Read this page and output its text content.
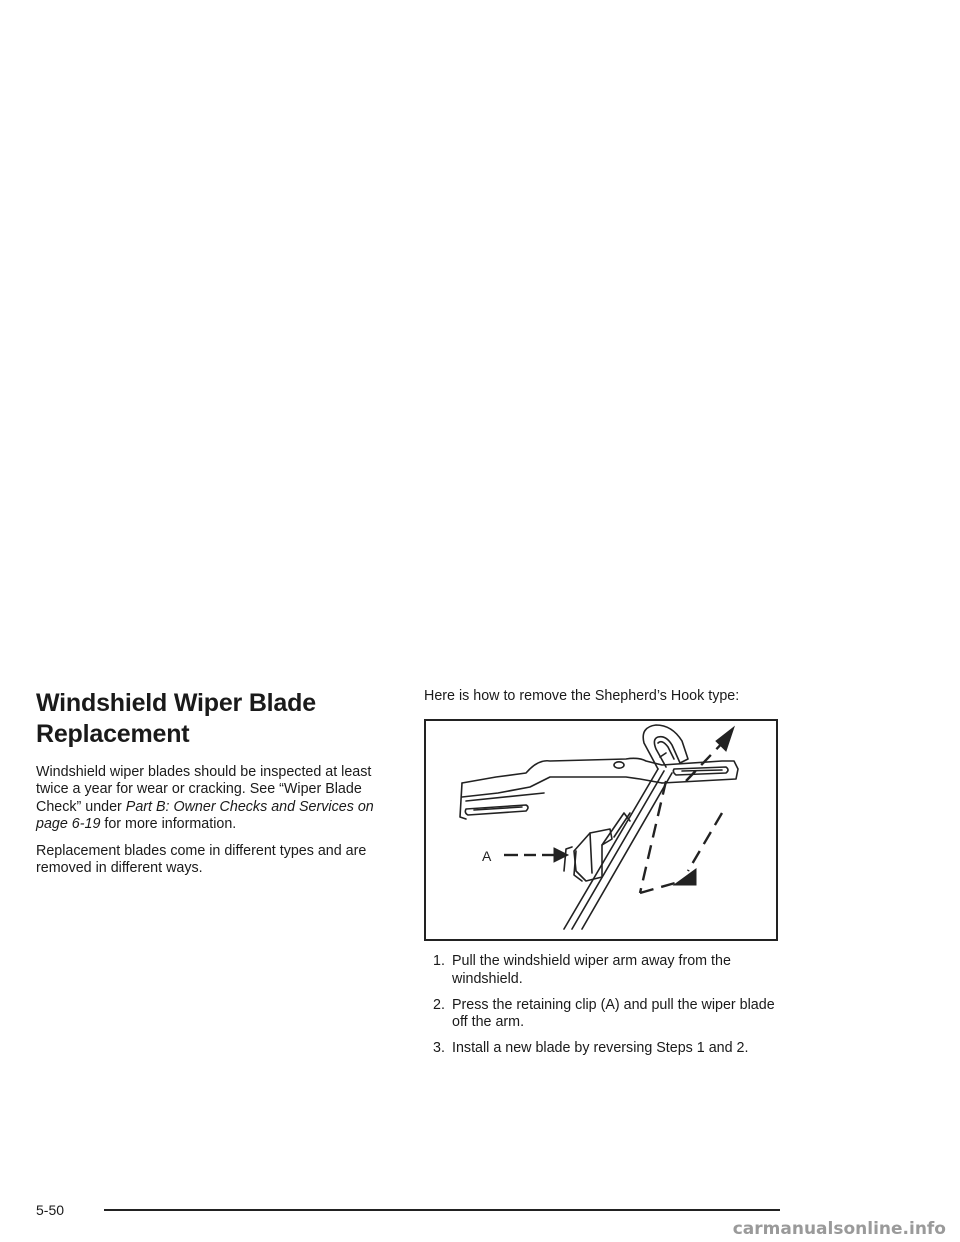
Windshield Wiper Blade
Replacement

Windshield wiper blades should be inspected at least twice a year for wear or cracking. See “Wiper Blade Check” under Part B: Owner Checks and Services on page 6-19 for more information.

Replacement blades come in different types and are removed in different ways.

Here is how to remove the Shepherd’s Hook type:

A
1. Pull the windshield wiper arm away from the windshield.
2. Press the retaining clip (A) and pull the wiper blade off the arm.
3. Install a new blade by reversing Steps 1 and 2.
5-50
carmanualsonline.info
